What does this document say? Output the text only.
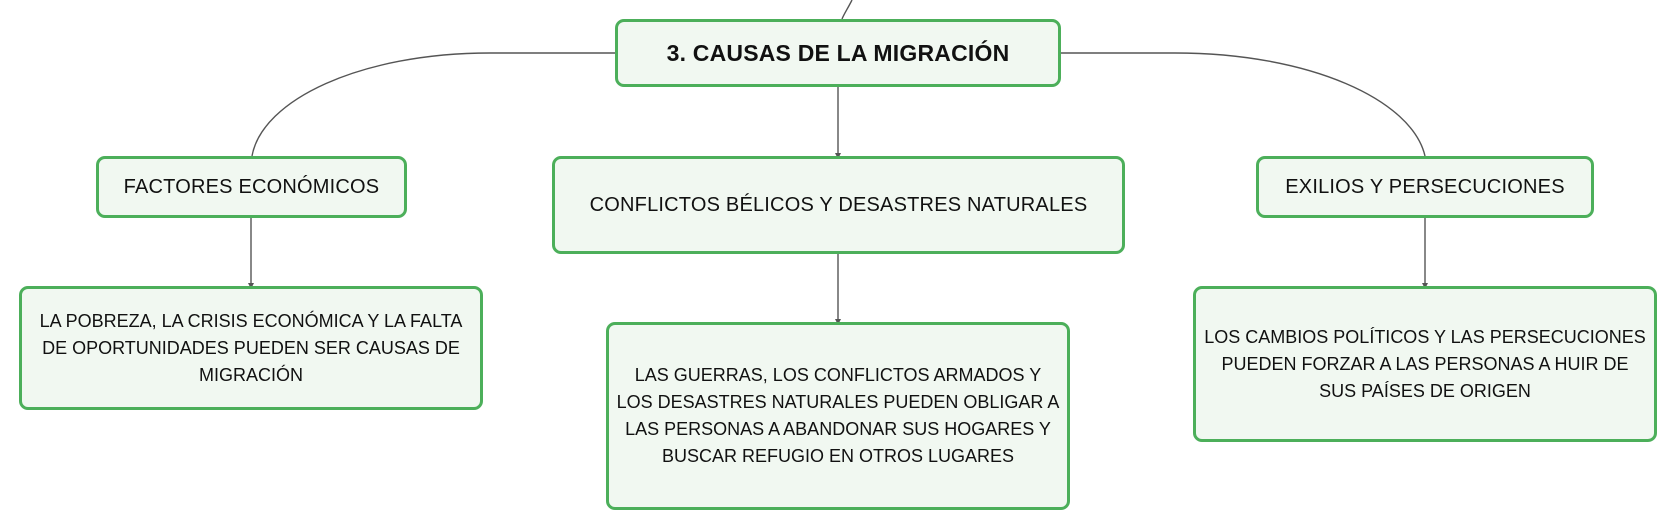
3. CAUSAS DE LA MIGRACIÓN
FACTORES ECONÓMICOS
CONFLICTOS BÉLICOS Y DESASTRES NATURALES
EXILIOS Y PERSECUCIONES
LA POBREZA, LA CRISIS ECONÓMICA Y LA FALTA DE OPORTUNIDADES PUEDEN SER CAUSAS DE MIGRACIÓN	LAS GUERRAS, LOS CONFLICTOS ARMADOS Y LOS DESASTRES NATURALES PUEDEN OBLIGAR A LAS PERSONAS A ABANDONAR SUS HOGARES Y BUSCAR REFUGIO EN OTROS LUGARES
LOS CAMBIOS POLÍTICOS Y LAS PERSECUCIONES PUEDEN FORZAR A LAS PERSONAS A HUIR DE SUS PAÍSES DE ORIGEN
